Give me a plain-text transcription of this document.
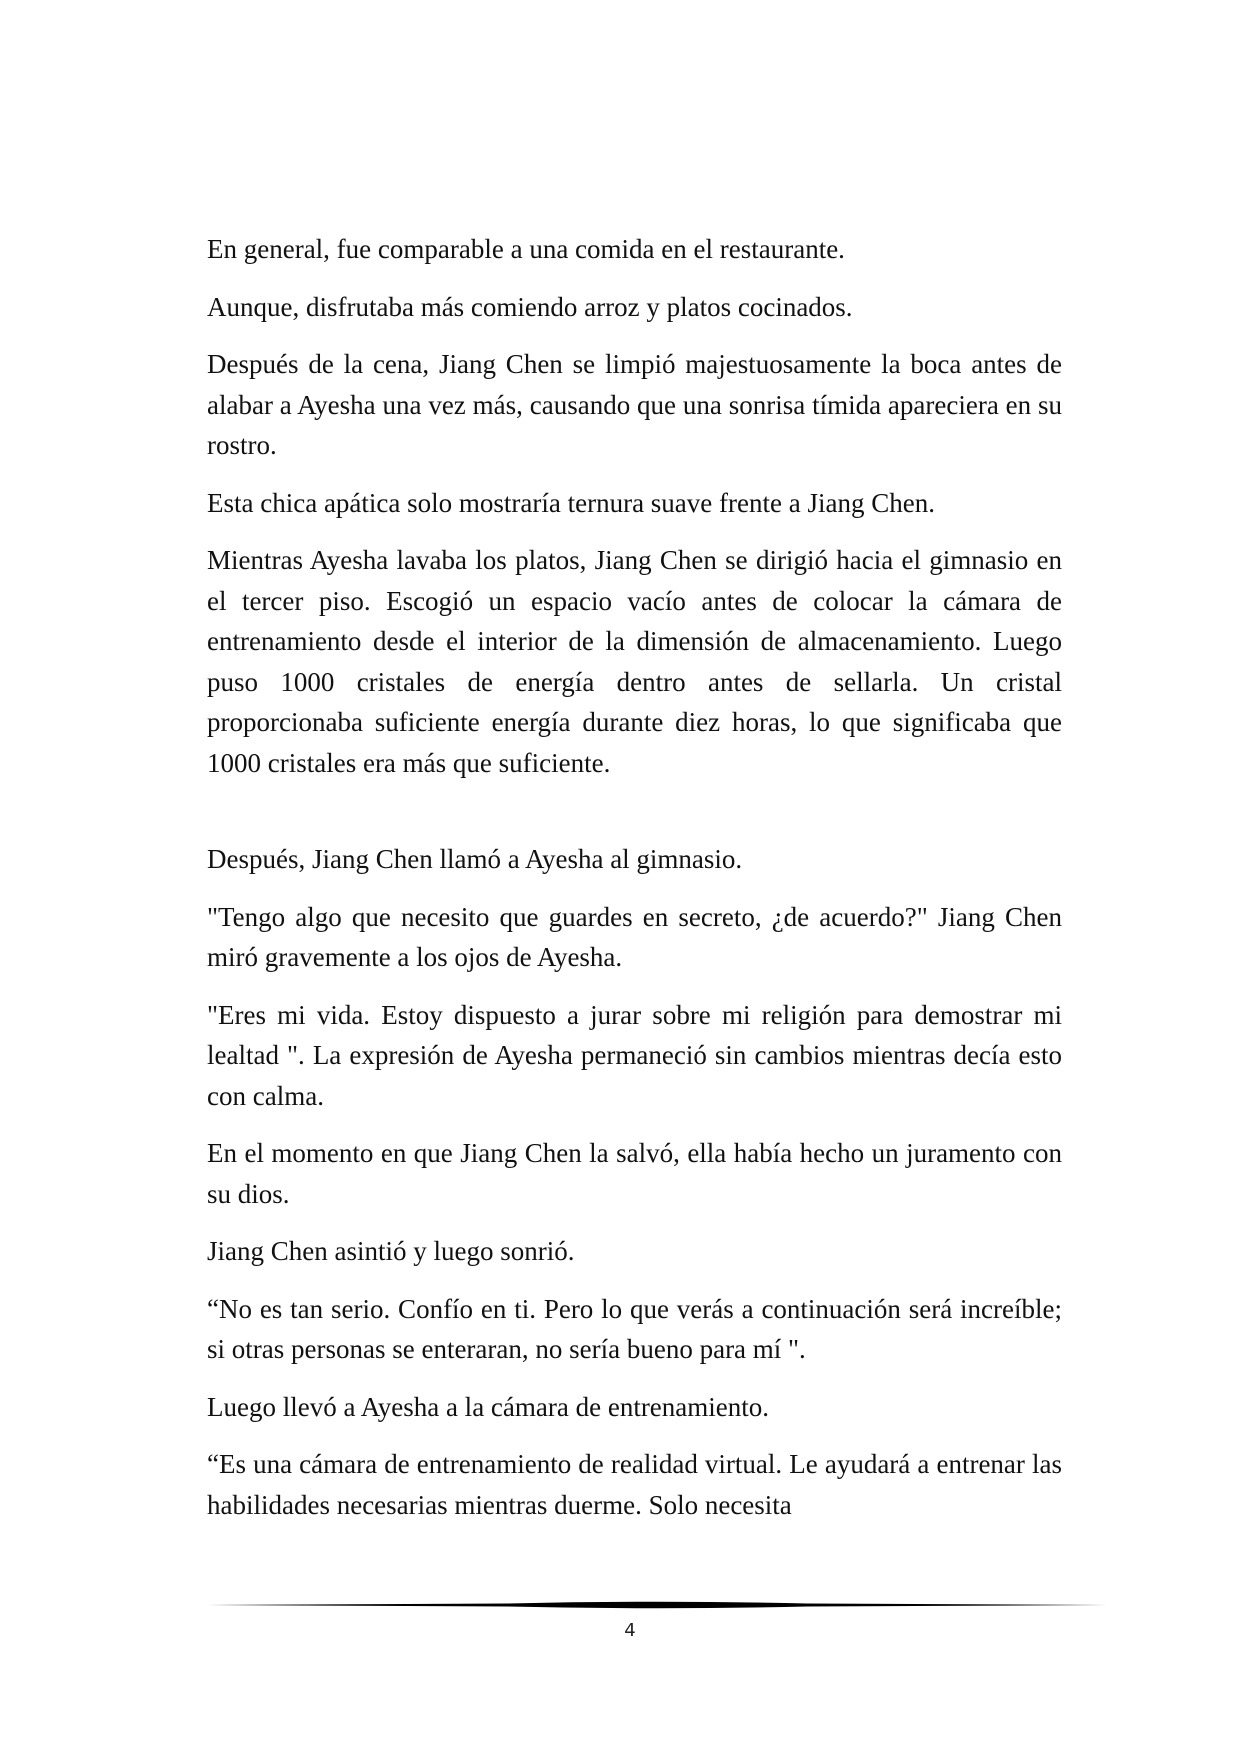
En general, fue comparable a una comida en el restaurante.

Aunque, disfrutaba más comiendo arroz y platos cocinados.

Después de la cena, Jiang Chen se limpió majestuosamente la boca antes de alabar a Ayesha una vez más, causando que una sonrisa tímida apareciera en su rostro.

Esta chica apática solo mostraría ternura suave frente a Jiang Chen.

Mientras Ayesha lavaba los platos, Jiang Chen se dirigió hacia el gimnasio en el tercer piso. Escogió un espacio vacío antes de colocar la cámara de entrenamiento desde el interior de la dimensión de almacenamiento. Luego puso 1000 cristales de energía dentro antes de sellarla. Un cristal proporcionaba suficiente energía durante diez horas, lo que significaba que 1000 cristales era más que suficiente.

Después, Jiang Chen llamó a Ayesha al gimnasio.

"Tengo algo que necesito que guardes en secreto, ¿de acuerdo?" Jiang Chen miró gravemente a los ojos de Ayesha.

"Eres mi vida. Estoy dispuesto a jurar sobre mi religión para demostrar mi lealtad ". La expresión de Ayesha permaneció sin cambios mientras decía esto con calma.

En el momento en que Jiang Chen la salvó, ella había hecho un juramento con su dios.

Jiang Chen asintió y luego sonrió.

“No es tan serio. Confío en ti. Pero lo que verás a continuación será increíble; si otras personas se enteraran, no sería bueno para mí ".

Luego llevó a Ayesha a la cámara de entrenamiento.

“Es una cámara de entrenamiento de realidad virtual. Le ayudará a entrenar las habilidades necesarias mientras duerme. Solo necesita

4
